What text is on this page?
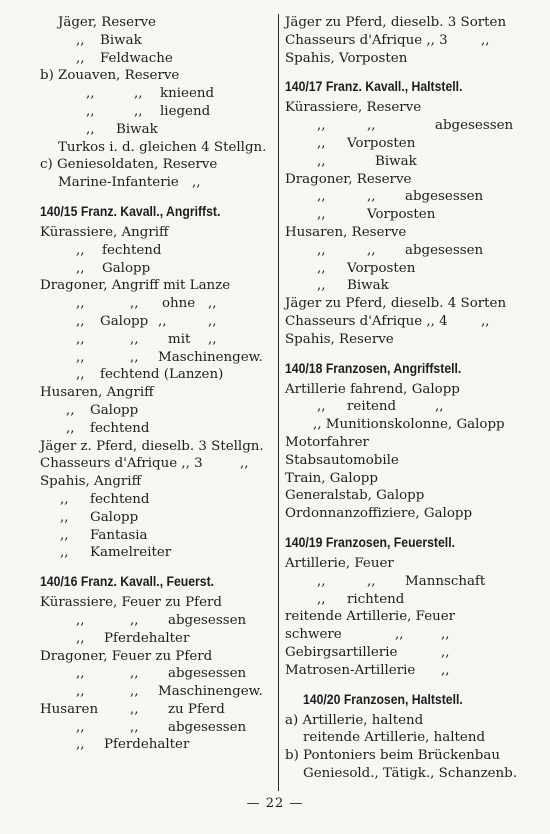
Jäger, Reserve
,, Biwak
,, Feldwache
b) Zouaven, Reserve
,,	,, knieend
,,	,, liegend
,, Biwak
Turkos i. d. gleichen 4 Stellgn.
c) Geniesoldaten, Reserve
Marine-Infanterie ,,
140/15 Franz. Kavall., Angriffst.
Kürassiere, Angriff
,, fechtend
,, Galopp
Dragoner, Angriff mit Lanze
,,	,, ohne ,,
,, Galopp ,,	,,
,,	,, mit ,,
,,	,, Maschinengew.
,, fechtend (Lanzen)
Husaren, Angriff
,, Galopp
,, fechtend
Jäger z. Pferd, dieselb. 3 Stellgn.
Chasseurs d'Afrique ,, 3	,,
Spahis, Angriff
,, fechtend
,, Galopp
,, Fantasia
,, Kamelreiter
140/16 Franz. Kavall., Feuerst.
Kürassiere, Feuer zu Pferd
,,	,, abgesessen
,, Pferdehalter
Dragoner, Feuer zu Pferd
,,	,, abgesessen
,,	,, Maschinengew.
Husaren ,, zu Pferd
,,	,, abgesessen
,, Pferdehalter
Jäger zu Pferd, dieselb. 3 Sorten
Chasseurs d'Afrique ,, 3 ,,
Spahis, Vorposten
140/17 Franz. Kavall., Haltstell.
Kürassiere, Reserve
,,	,,	abgesessen
,, Vorposten
,,	Biwak
Dragoner, Reserve
,,	,, abgesessen
,,	Vorposten
Husaren, Reserve
,,	,, abgesessen
,, Vorposten
,, Biwak
Jäger zu Pferd, dieselb. 4 Sorten
Chasseurs d'Afrique ,, 4 ,,
Spahis, Reserve
140/18 Franzosen, Angriffstell.
Artillerie fahrend, Galopp
,, reitend	,,
,, Munitionskolonne, Galopp
Motorfahrer
Stabsautomobile
Train, Galopp
Generalstab, Galopp
Ordonnanzoffiziere, Galopp
140/19 Franzosen, Feuerstell.
Artillerie, Feuer
,,	,, Mannschaft
,, richtend
reitende Artillerie, Feuer
schwere	,,	,,
Gebirgsartillerie	,,
Matrosen-Artillerie ,,
140/20 Franzosen, Haltstell.
a) Artillerie, haltend
reitende Artillerie, haltend
b) Pontoniers beim Brückenbau
Geniesold., Tätigk., Schanzenb.
— 22 —
